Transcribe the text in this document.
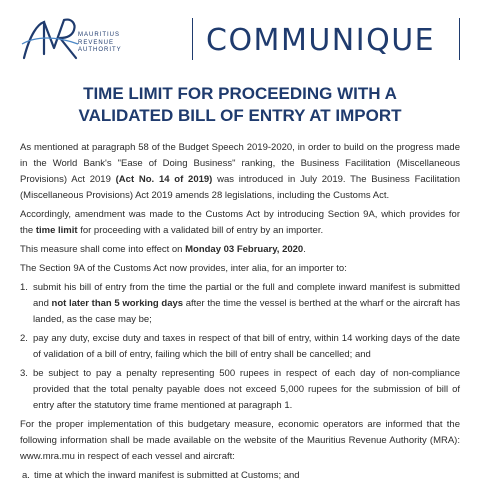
MAURITIUS
REVENUE
AUTHORITY	COMMUNIQUE
TIME LIMIT FOR PROCEEDING WITH A
VALIDATED BILL OF ENTRY AT IMPORT

As mentioned at paragraph 58 of the Budget Speech 2019-2020, in order to build on the progress made in the World Bank's "Ease of Doing Business" ranking, the Business Facilitation (Miscellaneous Provisions) Act 2019 (Act No. 14 of 2019) was introduced in July 2019. The Business Facilitation (Miscellaneous Provisions) Act 2019 amends 28 legislations, including the Customs Act.

Accordingly, amendment was made to the Customs Act by introducing Section 9A, which provides for the time limit for proceeding with a validated bill of entry by an importer.

This measure shall come into effect on Monday 03 February, 2020.

The Section 9A of the Customs Act now provides, inter alia, for an importer to:

1. submit his bill of entry from the time the partial or the full and complete inward manifest is submitted and not later than 5 working days after the time the vessel is berthed at the wharf or the aircraft has landed, as the case may be;
2. pay any duty, excise duty and taxes in respect of that bill of entry, within 14 working days of the date of validation of a bill of entry, failing which the bill of entry shall be cancelled; and
3. be subject to pay a penalty representing 500 rupees in respect of each day of non-compliance provided that the total penalty payable does not exceed 5,000 rupees for the submission of bill of entry after the statutory time frame mentioned at paragraph 1.

For the proper implementation of this budgetary measure, economic operators are informed that the following information shall be made available on the website of the Mauritius Revenue Authority (MRA): www.mra.mu in respect of each vessel and aircraft:

a. time at which the inward manifest is submitted at Customs; and
